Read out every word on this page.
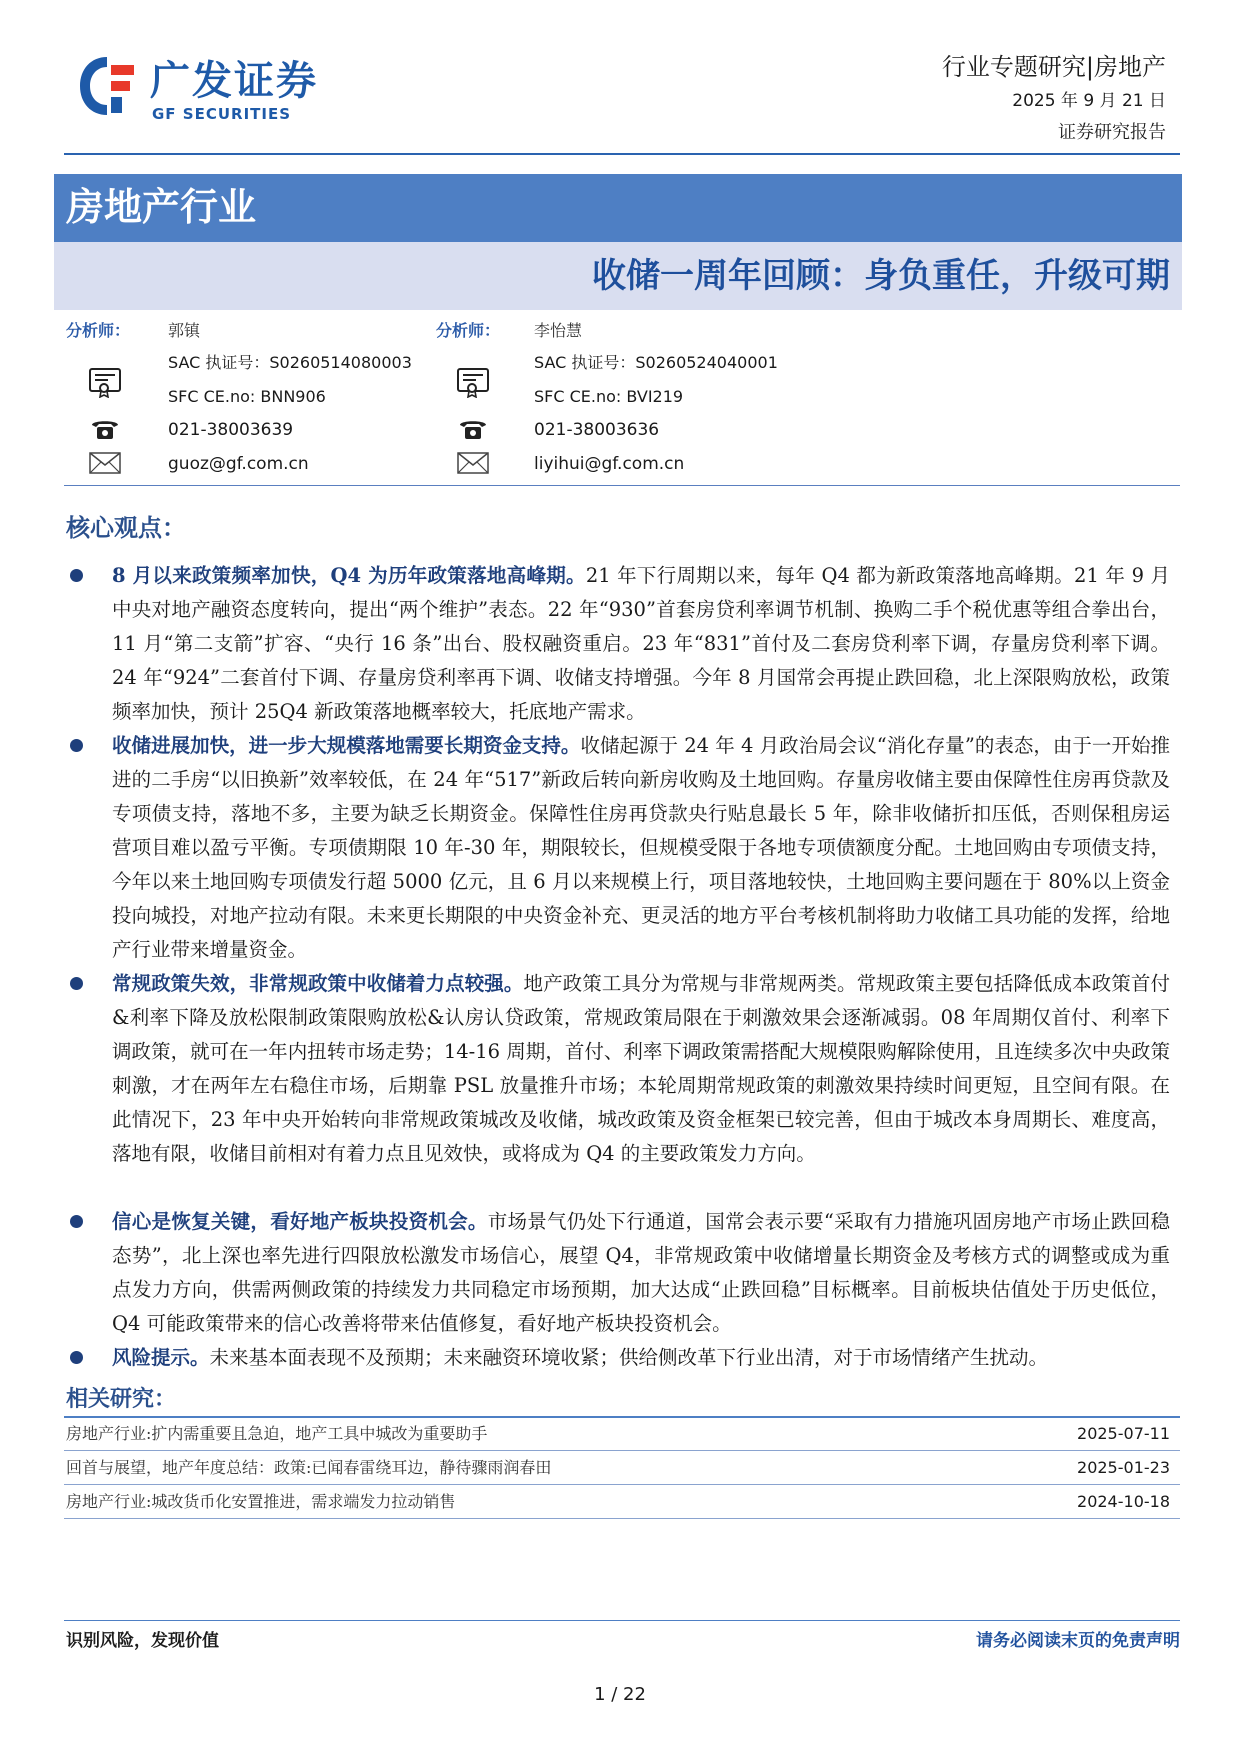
广发证券
GF SECURITIES
行业专题研究|房地产
2025 年 9 月 21 日
证券研究报告
房地产行业
收储一周年回顾：身负重任，升级可期
分析师： 郭镇
SAC 执证号：S0260514080003
SFC CE.no: BNN906
021-38003639
guoz@gf.com.cn
分析师： 李怡慧
SAC 执证号：S0260524040001
SFC CE.no: BVI219
021-38003636
liyihui@gf.com.cn
核心观点：
8 月以来政策频率加快，Q4 为历年政策落地高峰期。21 年下行周期以来，每年 Q4 都为新政策落地高峰期。21 年 9 月中央对地产融资态度转向，提出“两个维护”表态。22 年“930”首套房贷利率调节机制、换购二手个税优惠等组合拳出台，11 月“第二支箭”扩容、“央行 16 条”出台、股权融资重启。23 年“831”首付及二套房贷利率下调，存量房贷利率下调。24 年“924”二套首付下调、存量房贷利率再下调、收储支持增强。今年 8 月国常会再提止跌回稳，北上深限购放松，政策频率加快，预计 25Q4 新政策落地概率较大，托底地产需求。
收储进展加快，进一步大规模落地需要长期资金支持。收储起源于 24 年 4 月政治局会议“消化存量”的表态，由于一开始推进的二手房“以旧换新”效率较低，在 24 年“517”新政后转向新房收购及土地回购。存量房收储主要由保障性住房再贷款及专项债支持，落地不多，主要为缺乏长期资金。保障性住房再贷款央行贴息最长 5 年，除非收储折扣压低，否则保租房运营项目难以盈亏平衡。专项债期限 10 年-30 年，期限较长，但规模受限于各地专项债额度分配。土地回购由专项债支持，今年以来土地回购专项债发行超 5000 亿元，且 6 月以来规模上行，项目落地较快，土地回购主要问题在于 80%以上资金投向城投，对地产拉动有限。未来更长期限的中央资金补充、更灵活的地方平台考核机制将助力收储工具功能的发挥，给地产行业带来增量资金。
常规政策失效，非常规政策中收储着力点较强。地产政策工具分为常规与非常规两类。常规政策主要包括降低成本政策首付&利率下降及放松限制政策限购放松&认房认贷政策，常规政策局限在于刺激效果会逐渐减弱。08 年周期仅首付、利率下调政策，就可在一年内扭转市场走势；14-16 周期，首付、利率下调政策需搭配大规模限购解除使用，且连续多次中央政策刺激，才在两年左右稳住市场，后期靠 PSL 放量推升市场；本轮周期常规政策的刺激效果持续时间更短，且空间有限。在此情况下，23 年中央开始转向非常规政策城改及收储，城改政策及资金框架已较完善，但由于城改本身周期长、难度高，落地有限，收储目前相对有着力点且见效快，或将成为 Q4 的主要政策发力方向。
信心是恢复关键，看好地产板块投资机会。市场景气仍处下行通道，国常会表示要“采取有力措施巩固房地产市场止跌回稳态势”，北上深也率先进行四限放松激发市场信心，展望 Q4，非常规政策中收储增量长期资金及考核方式的调整或成为重点发力方向，供需两侧政策的持续发力共同稳定市场预期，加大达成“止跌回稳”目标概率。目前板块估值处于历史低位，Q4 可能政策带来的信心改善将带来估值修复，看好地产板块投资机会。
风险提示。未来基本面表现不及预期；未来融资环境收紧；供给侧改革下行业出清，对于市场情绪产生扰动。
相关研究：
房地产行业:扩内需重要且急迫，地产工具中城改为重要助手	2025-07-11
回首与展望，地产年度总结：政策:已闻春雷绕耳边，静待骤雨润春田	2025-01-23
房地产行业:城改货币化安置推进，需求端发力拉动销售	2024-10-18
识别风险，发现价值	请务必阅读末页的免责声明
1 / 22
